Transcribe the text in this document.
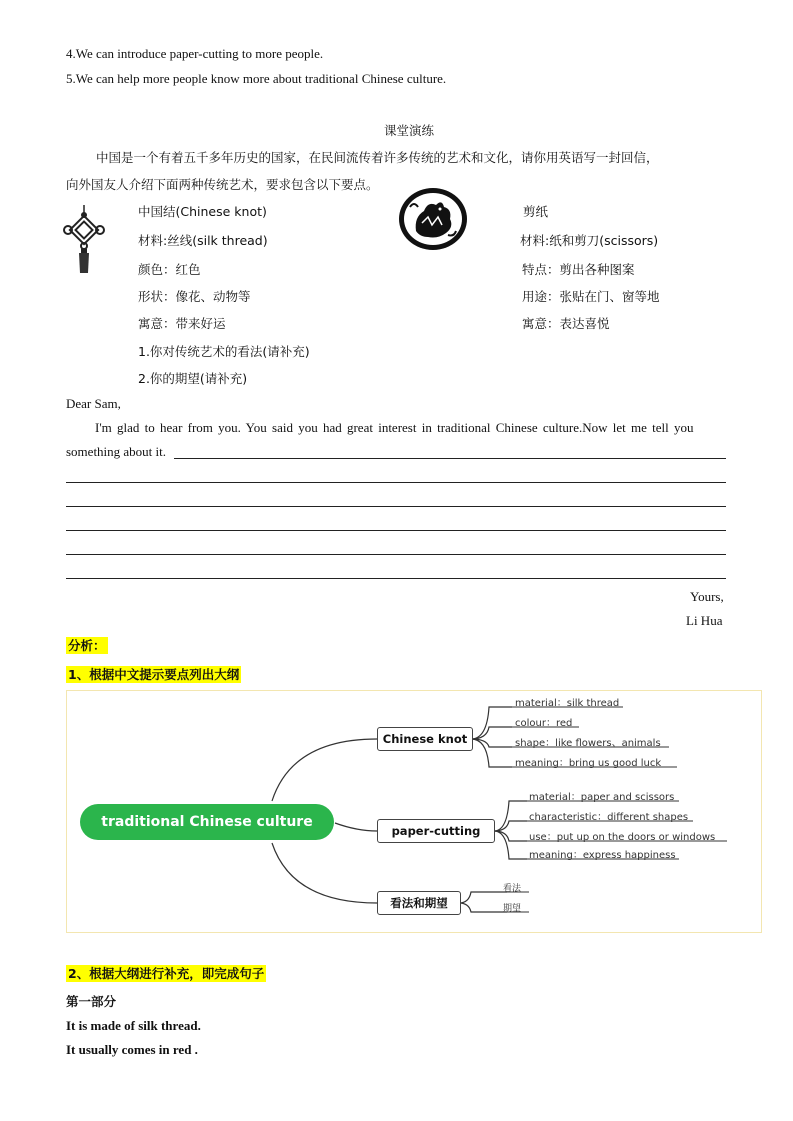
4.We can introduce paper-cutting to more people.
5.We can help more people know more about traditional Chinese culture.
课堂演练
中国是一个有着五千多年历史的国家，在民间流传着许多传统的艺术和文化，请你用英语写一封回信，
向外国友人介绍下面两种传统艺术，要求包含以下要点。
中国结(Chinese knot)
材料:丝线(silk thread)
颜色：红色
形状：像花、动物等
寓意：带来好运
1.你对传统艺术的看法(请补充)
2.你的期望(请补充)
剪纸
材料:纸和剪刀(scissors)
特点：剪出各种图案
用途：张贴在门、窗等地
寓意：表达喜悦
Dear Sam,
I'm glad to hear from you. You said you had great interest in traditional Chinese culture.Now let me tell you
something about it.
Yours,
Li Hua
分析：
1、根据中文提示要点列出大纲
traditional Chinese culture
Chinese knot
paper-cutting
看法和期望
material：silk thread
colour：red
shape：like flowers、animals
meaning：bring us good luck
material：paper and scissors
characteristic：different shapes
use：put up on the doors or windows
meaning：express happiness
看法
期望
2、根据大纲进行补充，即完成句子
第一部分
It is made of silk thread.
It usually comes in red .
